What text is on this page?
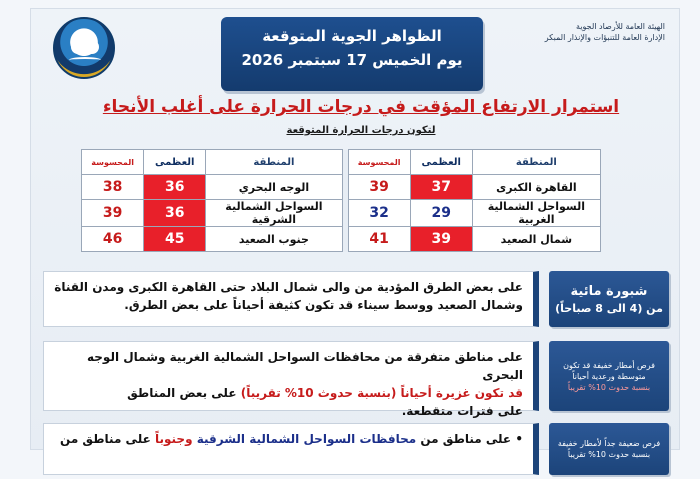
الهيئة العامة للأرصاد الجوية
الإدارة العامة للتنبؤات والإنذار المبكر
الظواهر الجوية المتوقعة
يوم الخميس 17 سبتمبر 2026
استمرار الارتفاع المؤقت في درجات الحرارة على أغلب الأنحاء
لتكون درجات الحرارة المتوقعة
المنطقة	العظمى	المحسوسة		المنطقة	العظمى	المحسوسة
القاهرة الكبرى	37	39		الوجه البحري	36	38
السواحل الشمالية الغربية	29	32		السواحل الشمالية الشرقية	36	39
شمال الصعيد	39	41		جنوب الصعيد	45	46
شبورة مائية
من (4 الى 8 صباحاً)
على بعض الطرق المؤدية من والى شمال البلاد حتى القاهرة الكبرى ومدن القناة
وشمال الصعيد ووسط سيناء قد تكون كثيفة أحياناً على بعض الطرق.
فرص أمطار خفيفة قد تكون متوسطة ورعدية أحياناً
بنسبة حدوث 10% تقريباً
على مناطق متفرقة من محافظات السواحل الشمالية الغربية وشمال الوجه البحرى
قد تكون غزيرة أحياناً (بنسبة حدوث 10% تقريباً) على بعض المناطق
على فترات متقطعة.
فرص ضعيفة جداً لأمطار خفيفة
بنسبة حدوث 10% تقريباً
• على مناطق من محافظات السواحل الشمالية الشرقية وجنوباً على مناطق من
